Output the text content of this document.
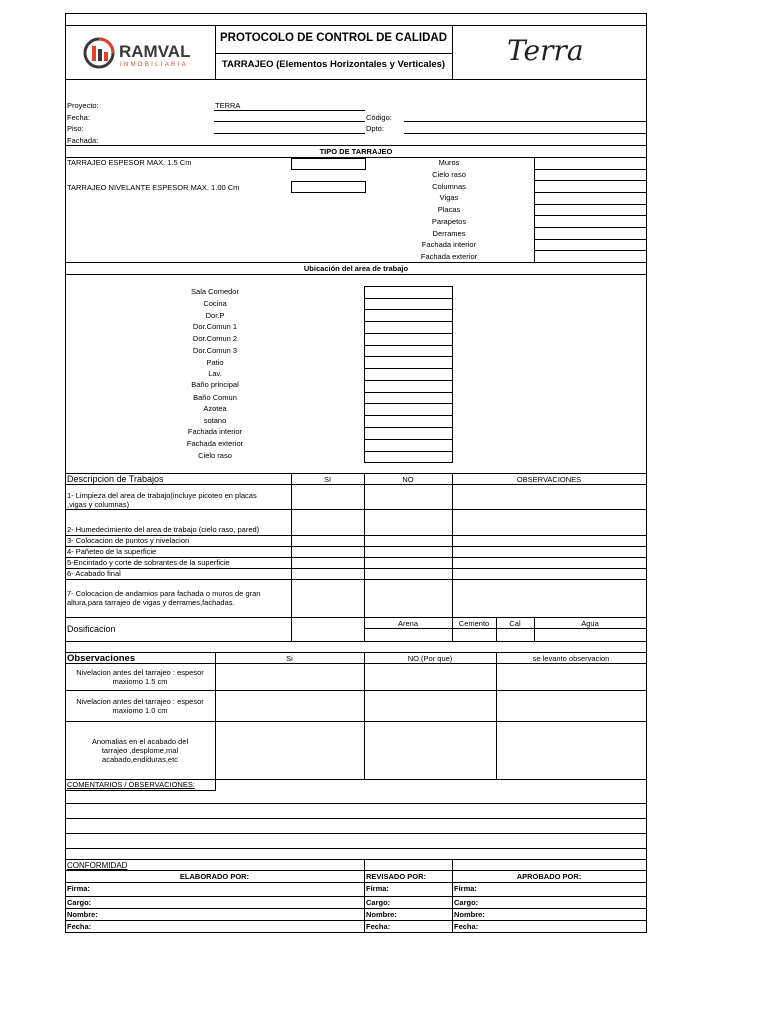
RAMVAL
INMOBILIARIA
PROTOCOLO DE CONTROL DE CALIDAD
TARRAJEO (Elementos Horizontales y Verticales) Terra
Proyecto:	TERRA
Fecha:	Código:
Piso:	Dpto:
Fachada:
TIPO DE TARRAJEO
TARRAJEO ESPESOR MAX. 1.5 Cm
TARRAJEO NIVELANTE ESPESOR MAX. 1.00 Cm
Muros
Cielo raso
Columnas
Vigas
Placas
Parapetos
Derrames
Fachada interior
Fachada exterior
Ubicación del area de trabajo
Sala Comedor
Cocina
Dor.P
Dor.Comun 1
Dor.Comun 2
Dor.Comun 3
Patio
Lav.
Baño principal
Baño Comun
Azotea
sotano
Fachada interior
Fachada exterior
Cielo raso
Descripcion de Trabajos	SI	NO	OBSERVACIONES
1- Limpieza del area de trabajo(incluye picoteo en placas ,vigas y columnas)
2- Humedecimiento del area de trabajo (cielo raso, pared)
3- Colocacion de puntos y nivelacion
4- Pañeteo de la superficie
5-Encintado y corte de sobrantes de la superficie
6- Acabado final
7- Colocacion de andamios para fachada o muros de gran altura,para tarrajeo de vigas y derrames,fachadas.
Dosificacion
Arena	Cemento	Cal	Agua
Observaciones	Si	NO (Por que)	se levanto observacion
Nivelacion antes del tarrajeo : espesor maxiomo 1.5 cm
Nivelacion antes del tarrajeo : espesor maxiomo 1.0 cm
Anomalias en el acabado del tarrajeo ,desplome,mal acabado,endiduras,etc
COMENTARIOS / OBSERVACIONES:
CONFORMIDAD
ELABORADO POR:	REVISADO POR:	APROBADO POR:
Firma:	Firma:	Firma:
Cargo:	Cargo:	Cargo:
Nombre:	Nombre:	Nombre:
Fecha:	Fecha:	Fecha:
